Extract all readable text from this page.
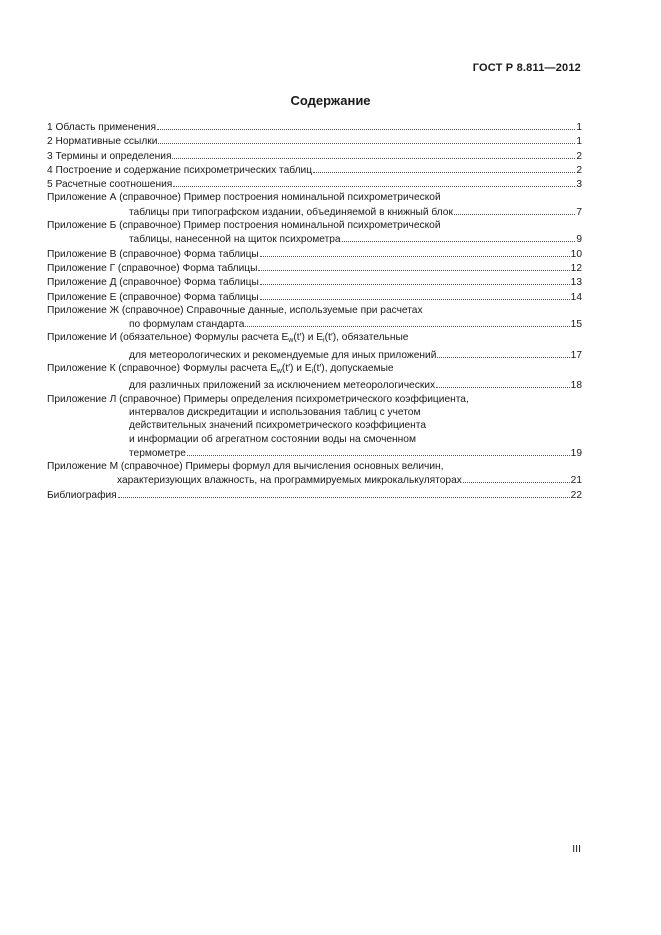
ГОСТ Р 8.811—2012
Содержание
1 Область применения	1
2 Нормативные ссылки	1
3 Термины и определения	2
4 Построение и содержание психрометрических таблиц	2
5 Расчетные соотношения	3
Приложение А (справочное) Пример построения номинальной психрометрической
таблицы при типографском издании, объединяемой в книжный блок	7
Приложение Б (справочное) Пример построения номинальной психрометрической
таблицы, нанесенной на щиток психрометра	9
Приложение В (справочное) Форма таблицы	10
Приложение Г (справочное) Форма таблицы	12
Приложение Д (справочное) Форма таблицы	13
Приложение Е (справочное) Форма таблицы	14
Приложение Ж (справочное) Справочные данные, используемые при расчетах
по формулам стандарта	15
Приложение И (обязательное) Формулы расчета $E_w(t')$ и $E_i(t')$, обязательные
для метеорологических и рекомендуемые для иных приложений	17
Приложение К (справочное) Формулы расчета $E_w(t')$ и $E_i(t')$, допускаемые
для различных приложений за исключением метеорологических	18
Приложение Л (справочное) Примеры определения психрометрического коэффициента,
интервалов дискредитации и использования таблиц с учетом
действительных значений психрометрического коэффициента
и информации об агрегатном состоянии воды на смоченном
термометре	19
Приложение М (справочное) Примеры формул для вычисления основных величин,
характеризующих влажность, на программируемых микрокалькуляторах	21
Библиография	22
III
